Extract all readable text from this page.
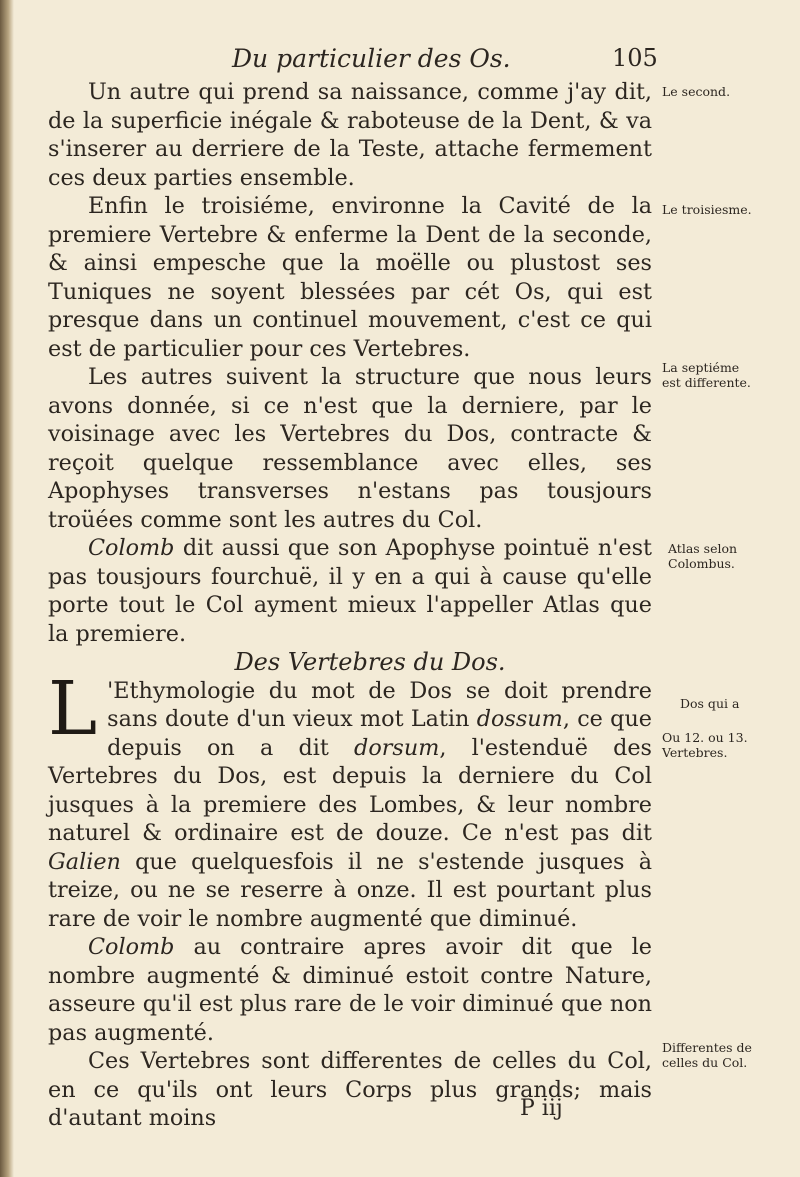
Du particulier des Os.	105

Un autre qui prend sa naissance, comme j'ay dit, de la superficie inégale & raboteuse de la Dent, & va s'inserer au derriere de la Teste, attache fermement ces deux parties ensemble.

Enfin le troisiéme, environne la Cavité de la premiere Vertebre & enferme la Dent de la seconde, & ainsi empesche que la moëlle ou plustost ses Tuniques ne soyent blessées par cét Os, qui est presque dans un continuel mouvement, c'est ce qui est de particulier pour ces Vertebres.

Les autres suivent la structure que nous leurs avons donnée, si ce n'est que la derniere, par le voisinage avec les Vertebres du Dos, contracte & reçoit quelque ressemblance avec elles, ses Apophyses transverses n'estans pas tousjours troüées comme sont les autres du Col.

Colomb dit aussi que son Apophyse pointuë n'est pas tousjours fourchuë, il y en a qui à cause qu'elle porte tout le Col ayment mieux l'appeller Atlas que la premiere.

Des Vertebres du Dos.

L 'Ethymologie du mot de Dos se doit prendre sans doute d'un vieux mot Latin dossum, ce que depuis on a dit dorsum, l'estenduë des Vertebres du Dos, est depuis la derniere du Col jusques à la premiere des Lombes, & leur nombre naturel & ordinaire est de douze. Ce n'est pas dit Galien que quelquesfois il ne s'estende jusques à treize, ou ne se reserre à onze. Il est pourtant plus rare de voir le nombre augmenté que diminué.

Colomb au contraire apres avoir dit que le nombre augmenté & diminué estoit contre Nature, asseure qu'il est plus rare de le voir diminué que non pas augmenté.

Ces Vertebres sont differentes de celles du Col, en ce qu'ils ont leurs Corps plus grands; mais d'autant moins

Le second.
Le troisiesme.
La septiéme est differente.
Atlas selon Colombus.
Dos qui a
Ou 12. ou 13. Vertebres.
Differentes de celles du Col.
P iij
